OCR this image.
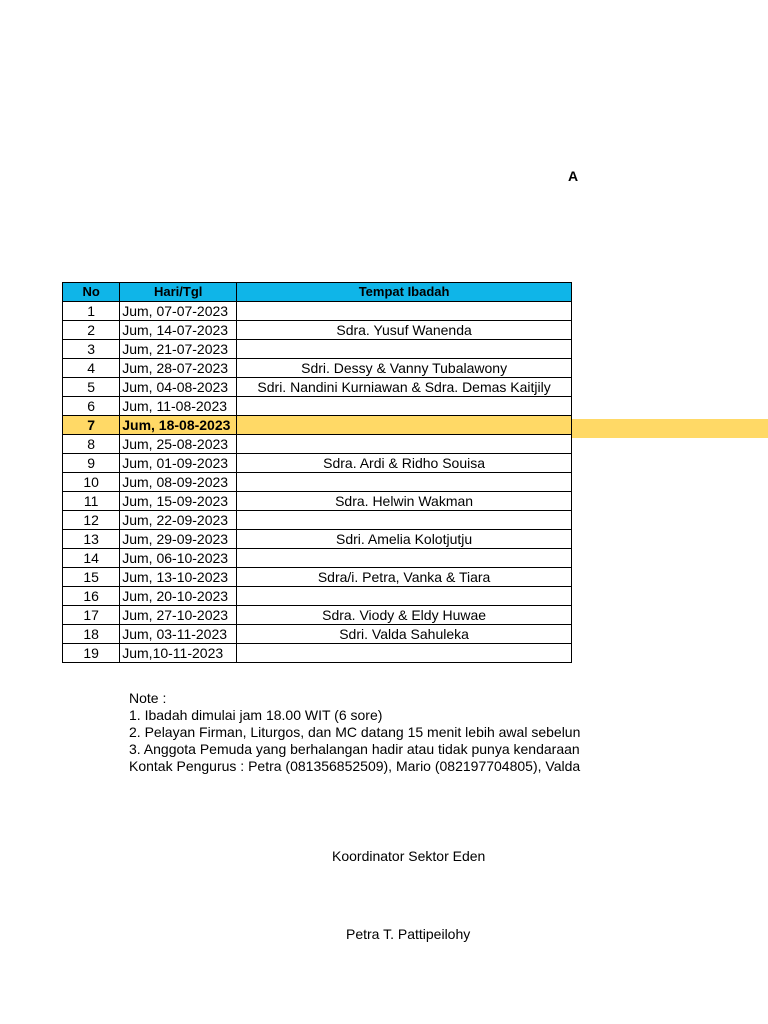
A
No	Hari/Tgl	Tempat Ibadah
1	Jum, 07-07-2023	
2	Jum, 14-07-2023	Sdra. Yusuf Wanenda
3	Jum, 21-07-2023	
4	Jum, 28-07-2023	Sdri. Dessy & Vanny Tubalawony
5	Jum, 04-08-2023	Sdri. Nandini Kurniawan & Sdra. Demas Kaitjily
6	Jum, 11-08-2023	
7	Jum, 18-08-2023	
8	Jum, 25-08-2023	
9	Jum, 01-09-2023	Sdra. Ardi & Ridho Souisa
10	Jum, 08-09-2023	
11	Jum, 15-09-2023	Sdra. Helwin Wakman
12	Jum, 22-09-2023	
13	Jum, 29-09-2023	Sdri. Amelia Kolotjutju
14	Jum, 06-10-2023	
15	Jum, 13-10-2023	Sdra/i. Petra, Vanka & Tiara
16	Jum, 20-10-2023	
17	Jum, 27-10-2023	Sdra. Viody & Eldy Huwae
18	Jum, 03-11-2023	Sdri. Valda Sahuleka
19	Jum,10-11-2023	
Note :
1. Ibadah dimulai jam 18.00 WIT (6 sore)
2. Pelayan Firman, Liturgos, dan MC datang 15 menit lebih awal sebelun
3. Anggota Pemuda yang berhalangan hadir atau tidak punya kendaraan
Kontak Pengurus : Petra (081356852509), Mario (082197704805), Valda
Koordinator Sektor Eden
Petra T. Pattipeilohy
